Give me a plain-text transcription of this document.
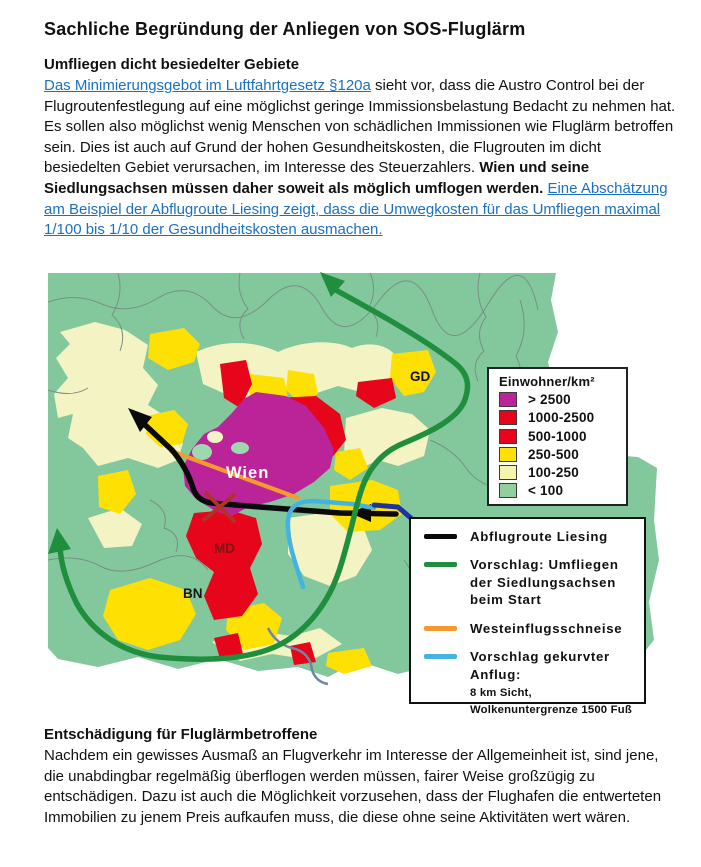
Sachliche Begründung der Anliegen von SOS-Fluglärm
Umfliegen dicht besiedelter Gebiete
Das Minimierungsgebot im Luftfahrtgesetz §120a sieht vor, dass die Austro Control bei der Flugroutenfestlegung auf eine möglichst geringe Immissionsbelastung Bedacht zu nehmen hat. Es sollen also möglichst wenig Menschen von schädlichen Immissionen wie Fluglärm betroffen sein. Dies ist auch auf Grund der hohen Gesundheitskosten, die Flugrouten im dicht besiedelten Gebiet verursachen, im Interesse des Steuerzahlers. Wien und seine Siedlungsachsen müssen daher soweit als möglich umflogen werden. Eine Abschätzung am Beispiel der Abflugroute Liesing zeigt, dass die Umwegkosten für das Umfliegen maximal 1/100 bis 1/10 der Gesundheitskosten ausmachen.
GD
Wien
MD
BN
Einwohner/km²
> 2500
1000-2500
500-1000
250-500
100-250
< 100
Abflugroute Liesing
Vorschlag: Umfliegen der Siedlungsachsen beim Start
Westeinflugsschneise
Vorschlag gekurvter Anflug:
8 km Sicht,
Wolkenuntergrenze 1500 Fuß
Entschädigung für Fluglärmbetroffene
Nachdem ein gewisses Ausmaß an Flugverkehr im Interesse der Allgemeinheit ist, sind jene, die unabdingbar regelmäßig überflogen werden müssen, fairer Weise großzügig zu entschädigen. Dazu ist auch die Möglichkeit vorzusehen, dass der Flughafen die entwerteten Immobilien zu jenem Preis aufkaufen muss, die diese ohne seine Aktivitäten wert wären.
